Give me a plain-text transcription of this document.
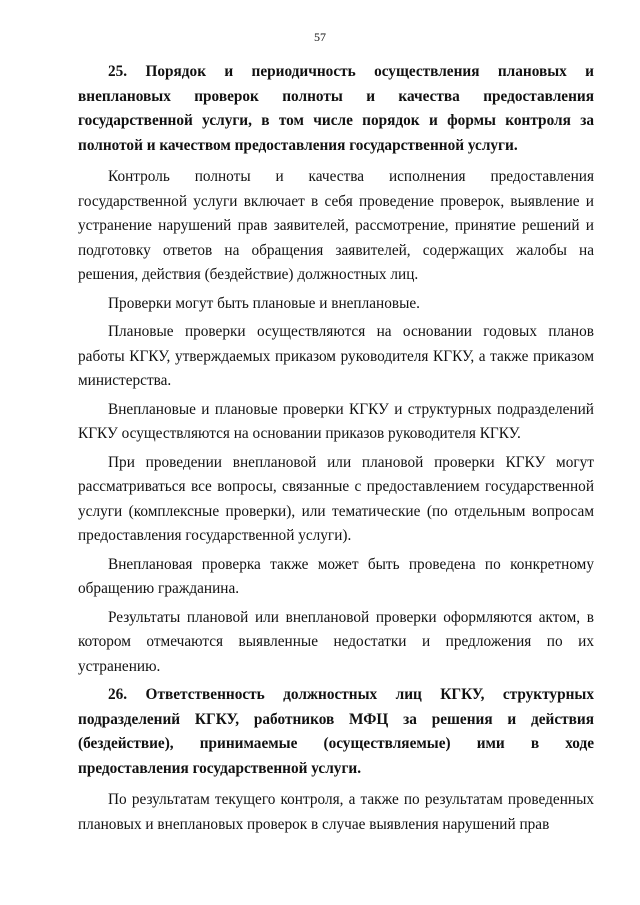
57

25. Порядок и периодичность осуществления плановых и внеплановых проверок полноты и качества предоставления государственной услуги, в том числе порядок и формы контроля за полнотой и качеством предоставления государственной услуги.

Контроль полноты и качества исполнения предоставления государственной услуги включает в себя проведение проверок, выявление и устранение нарушений прав заявителей, рассмотрение, принятие решений и подготовку ответов на обращения заявителей, содержащих жалобы на решения, действия (бездействие) должностных лиц.

Проверки могут быть плановые и внеплановые.

Плановые проверки осуществляются на основании годовых планов работы КГКУ, утверждаемых приказом руководителя КГКУ, а также приказом министерства.

Внеплановые и плановые проверки КГКУ и структурных подразделений КГКУ осуществляются на основании приказов руководителя КГКУ.

При проведении внеплановой или плановой проверки КГКУ могут рассматриваться все вопросы, связанные с предоставлением государственной услуги (комплексные проверки), или тематические (по отдельным вопросам предоставления государственной услуги).

Внеплановая проверка также может быть проведена по конкретному обращению гражданина.

Результаты плановой или внеплановой проверки оформляются актом, в котором отмечаются выявленные недостатки и предложения по их устранению.

26. Ответственность должностных лиц КГКУ, структурных подразделений КГКУ, работников МФЦ за решения и действия (бездействие), принимаемые (осуществляемые) ими в ходе предоставления государственной услуги.

По результатам текущего контроля, а также по результатам проведенных плановых и внеплановых проверок в случае выявления нарушений прав
